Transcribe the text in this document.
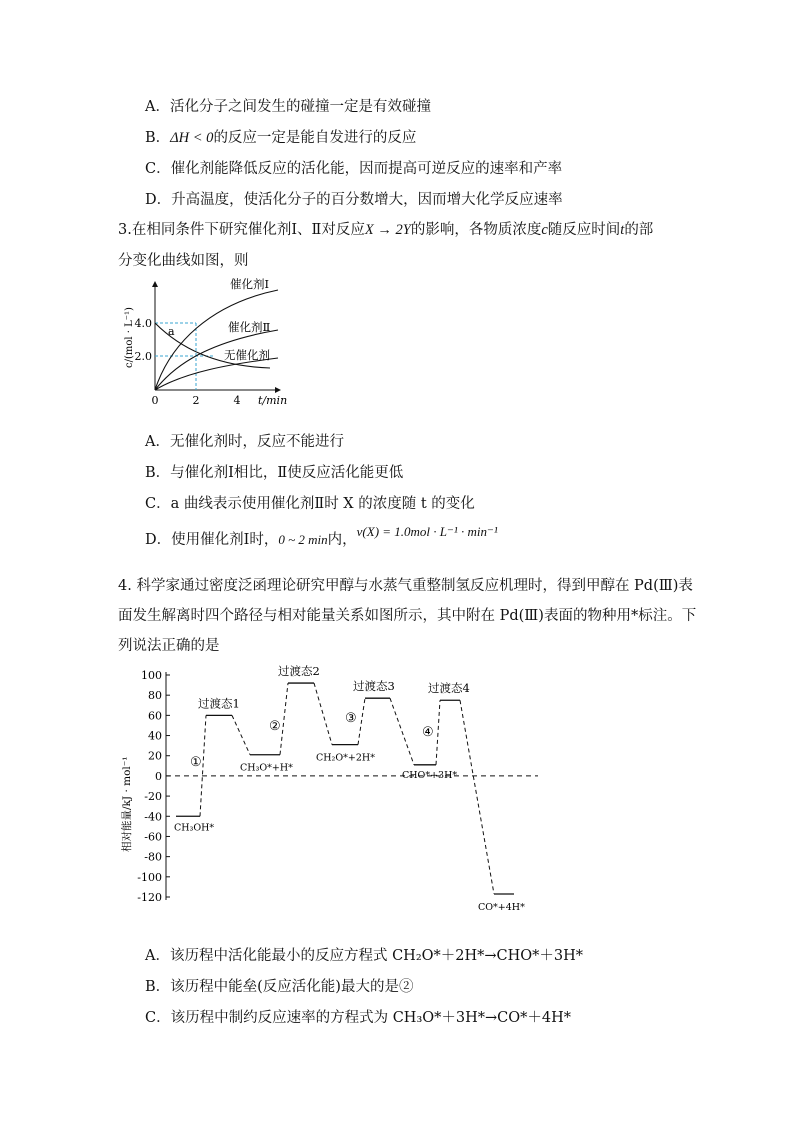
A．活化分子之间发生的碰撞一定是有效碰撞
B．ΔH < 0的反应一定是能自发进行的反应
C．催化剂能降低反应的活化能，因而提高可逆反应的速率和产率
D．升高温度，使活化分子的百分数增大，因而增大化学反应速率
3.在相同条件下研究催化剂Ⅰ、Ⅱ对反应X → 2Y的影响，各物质浓度c随反应时间t的部
分变化曲线如图，则
4.0
2.0
0	2	4 t/min
c/(mol · L⁻¹)
催化剂Ⅰ
催化剂Ⅱ
无催化剂
a
A．无催化剂时，反应不能进行
B．与催化剂Ⅰ相比，Ⅱ使反应活化能更低
C．a 曲线表示使用催化剂Ⅱ时 X 的浓度随 t 的变化
D．使用催化剂Ⅰ时，0 ~ 2 min内，v(X) = 1.0mol · L⁻¹ · min⁻¹
4. 科学家通过密度泛函理论研究甲醇与水蒸气重整制氢反应机理时，得到甲醇在 Pd(Ⅲ)表
面发生解离时四个路径与相对能量关系如图所示，其中附在 Pd(Ⅲ)表面的物种用*标注。下
列说法正确的是
100
80
60
40
20
0
-20
-40
-60
-80
-100
-120
CH₃OH*
过渡态1
CH₃O*+H*
过渡态2
CH₂O*+2H*
过渡态3
CHO*+3H*
过渡态4
CO*+4H*
相对能量/kJ · mol⁻¹	①
②
③
④
A．该历程中活化能最小的反应方程式 CH₂O*＋2H*→CHO*＋3H*
B．该历程中能垒(反应活化能)最大的是②
C．该历程中制约反应速率的方程式为 CH₃O*＋3H*→CO*＋4H*
